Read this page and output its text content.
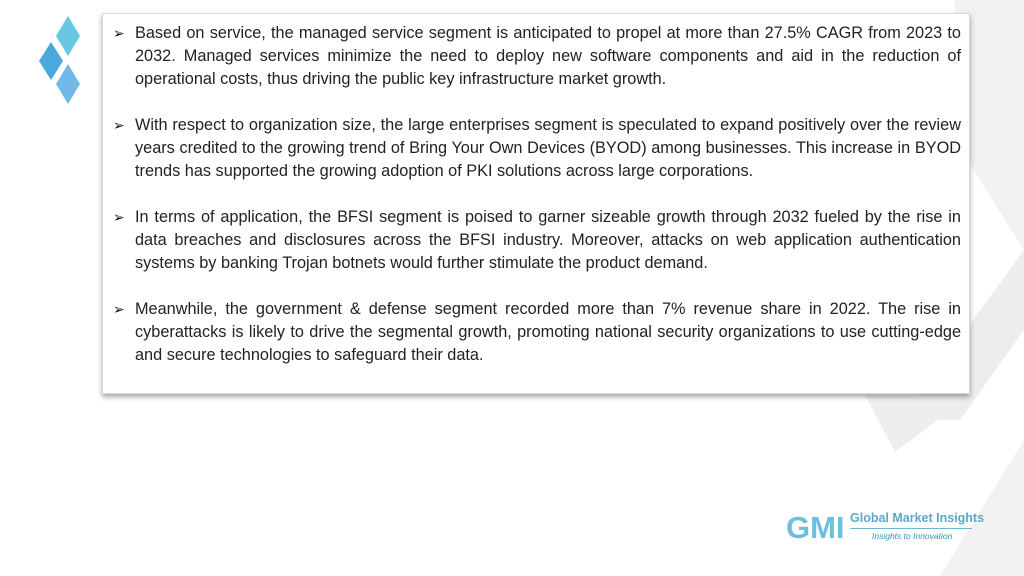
➢ Based on service, the managed service segment is anticipated to propel at more than 27.5% CAGR from 2023 to 2032. Managed services minimize the need to deploy new software components and aid in the reduction of operational costs, thus driving the public key infrastructure market growth.
➢ With respect to organization size, the large enterprises segment is speculated to expand positively over the review years credited to the growing trend of Bring Your Own Devices (BYOD) among businesses. This increase in BYOD trends has supported the growing adoption of PKI solutions across large corporations.
➢ In terms of application, the BFSI segment is poised to garner sizeable growth through 2032 fueled by the rise in data breaches and disclosures across the BFSI industry. Moreover, attacks on web application authentication systems by banking Trojan botnets would further stimulate the product demand.
➢ Meanwhile, the government & defense segment recorded more than 7% revenue share in 2022. The rise in cyberattacks is likely to drive the segmental growth, promoting national security organizations to use cutting-edge and secure technologies to safeguard their data.
GMI Global Market Insights
Insights to Innovation
